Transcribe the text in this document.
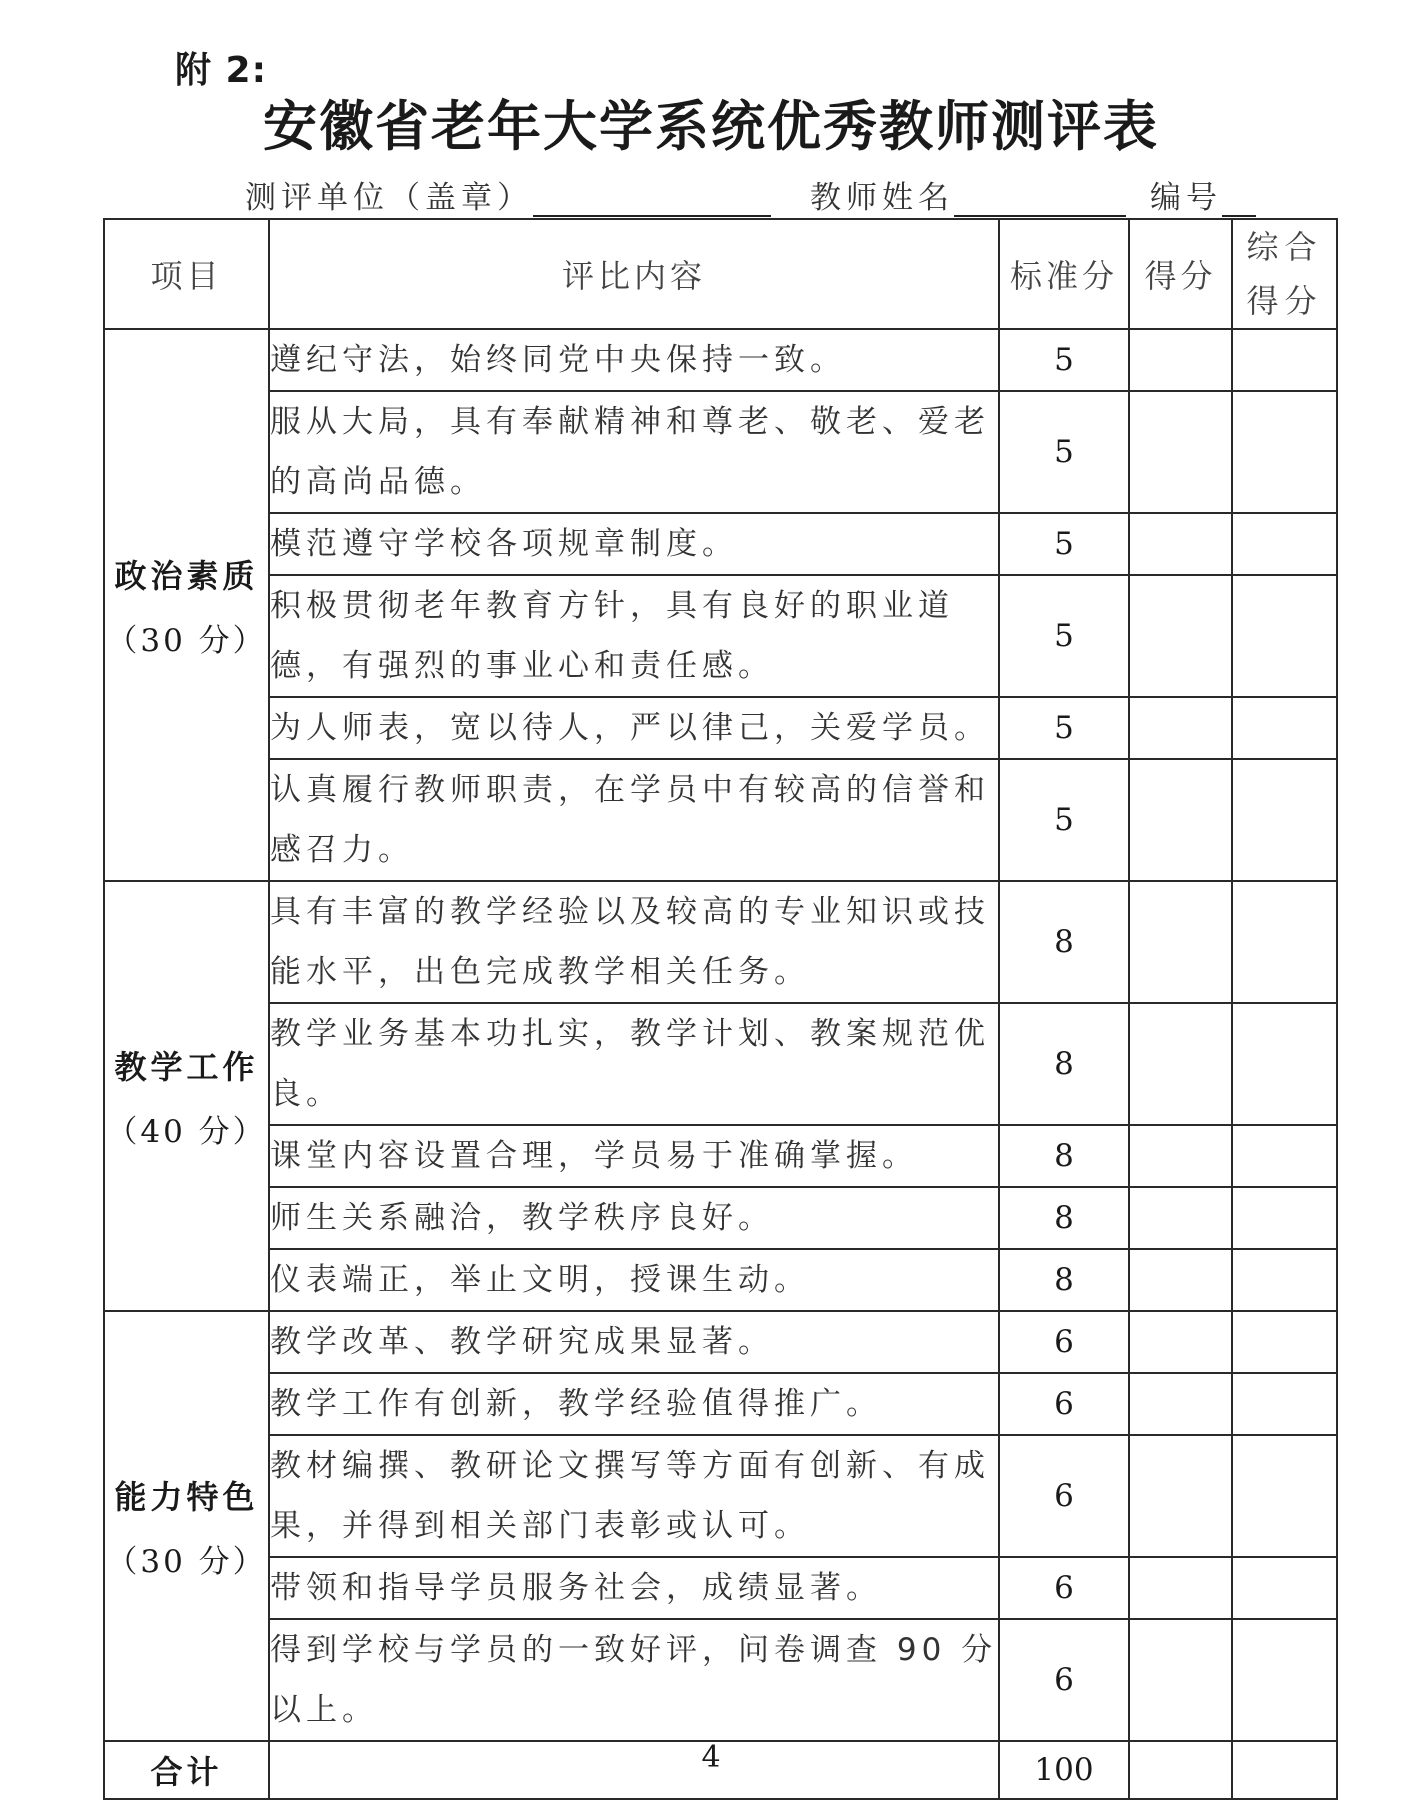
附 2:
安徽省老年大学系统优秀教师测评表
测评单位（盖章）	教师姓名	编号
项目	评比内容	标准分	得分	综合得分

政治素质
（30 分）	遵纪守法，始终同党中央保持一致。	5		
	服从大局，具有奉献精神和尊老、敬老、爱老的高尚品德。	5		
	模范遵守学校各项规章制度。	5		
	积极贯彻老年教育方针，具有良好的职业道德，有强烈的事业心和责任感。	5		
	为人师表，宽以待人，严以律己，关爱学员。	5		
	认真履行教师职责，在学员中有较高的信誉和感召力。	5		

教学工作
（40 分）	具有丰富的教学经验以及较高的专业知识或技能水平，出色完成教学相关任务。	8		
	教学业务基本功扎实，教学计划、教案规范优良。	8		
	课堂内容设置合理，学员易于准确掌握。	8		
	师生关系融洽，教学秩序良好。	8		
	仪表端正，举止文明，授课生动。	8		

能力特色
（30 分）	教学改革、教学研究成果显著。	6		
	教学工作有创新，教学经验值得推广。	6		
	教材编撰、教研论文撰写等方面有创新、有成果，并得到相关部门表彰或认可。	6		
	带领和指导学员服务社会，成绩显著。	6		
	得到学校与学员的一致好评，问卷调查 90 分以上。	6		
合计		100		
4
